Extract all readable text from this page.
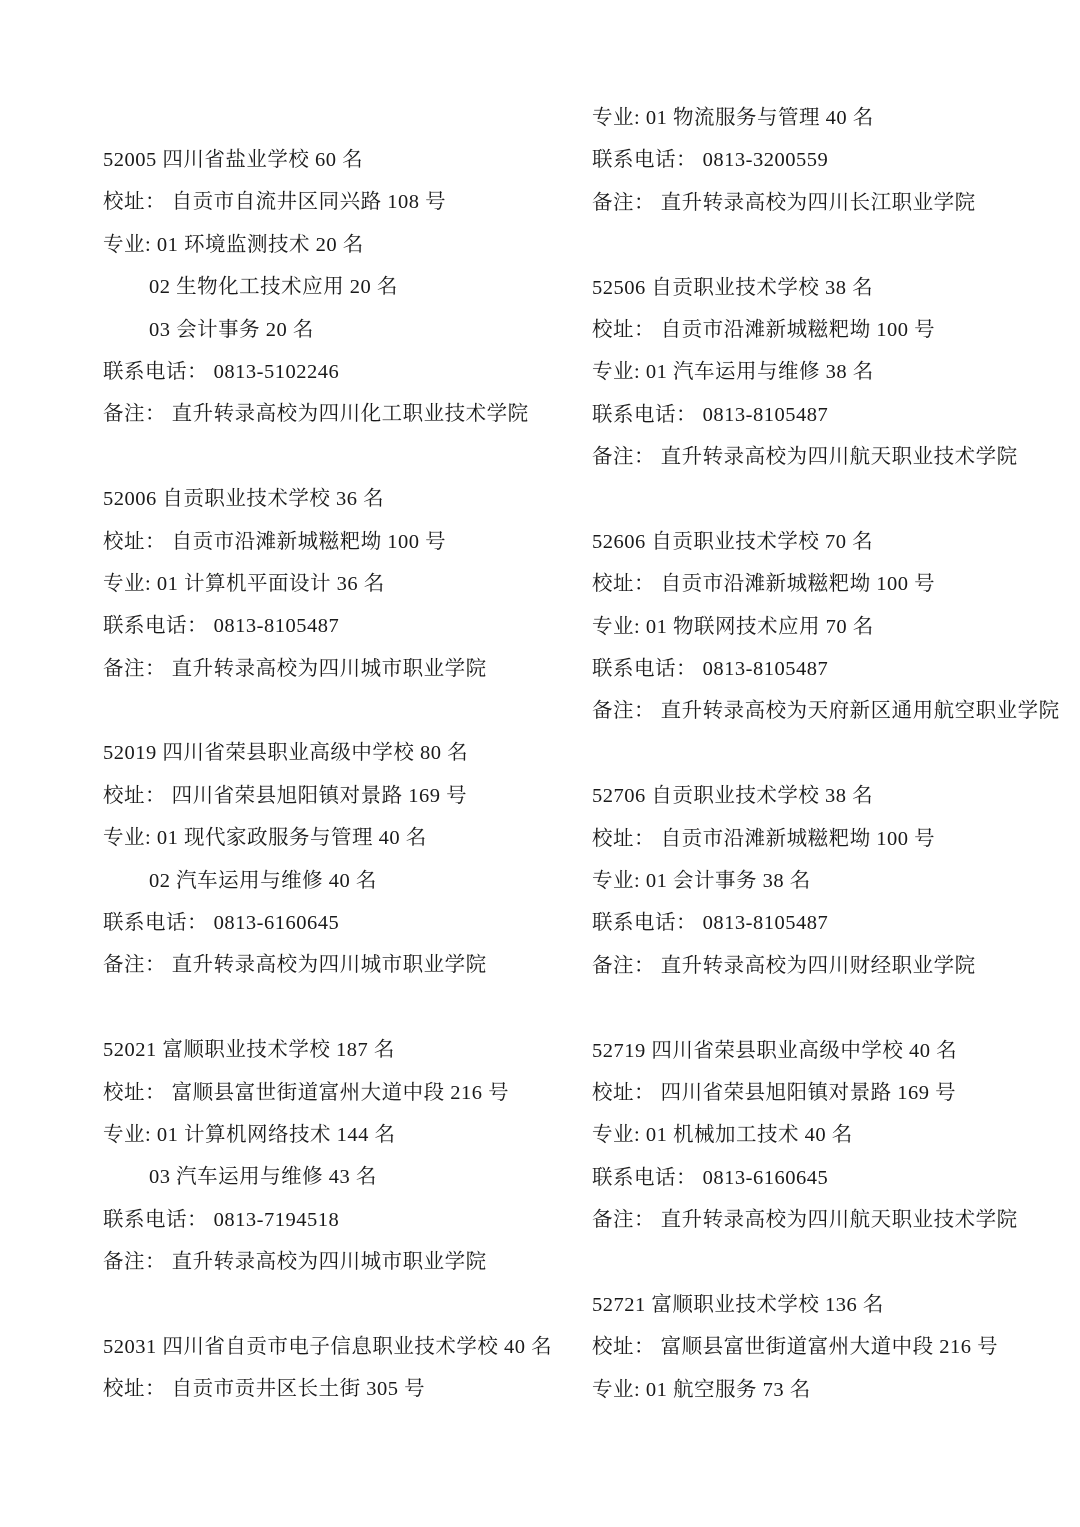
52005 四川省盐业学校 60 名
校址： 自贡市自流井区同兴路 108 号
专业: 01 环境监测技术 20 名
02 生物化工技术应用 20 名
03 会计事务 20 名
联系电话： 0813-5102246
备注： 直升转录高校为四川化工职业技术学院
52006 自贡职业技术学校 36 名
校址： 自贡市沿滩新城糍粑坳 100 号
专业: 01 计算机平面设计 36 名
联系电话： 0813-8105487
备注： 直升转录高校为四川城市职业学院
52019 四川省荣县职业高级中学校 80 名
校址： 四川省荣县旭阳镇对景路 169 号
专业: 01 现代家政服务与管理 40 名
02 汽车运用与维修 40 名
联系电话： 0813-6160645
备注： 直升转录高校为四川城市职业学院
52021 富顺职业技术学校 187 名
校址： 富顺县富世街道富州大道中段 216 号
专业: 01 计算机网络技术 144 名
03 汽车运用与维修 43 名
联系电话： 0813-7194518
备注： 直升转录高校为四川城市职业学院
52031 四川省自贡市电子信息职业技术学校 40 名
校址： 自贡市贡井区长土街 305 号
专业: 01 物流服务与管理 40 名
联系电话： 0813-3200559
备注： 直升转录高校为四川长江职业学院
52506 自贡职业技术学校 38 名
校址： 自贡市沿滩新城糍粑坳 100 号
专业: 01 汽车运用与维修 38 名
联系电话： 0813-8105487
备注： 直升转录高校为四川航天职业技术学院
52606 自贡职业技术学校 70 名
校址： 自贡市沿滩新城糍粑坳 100 号
专业: 01 物联网技术应用 70 名
联系电话： 0813-8105487
备注： 直升转录高校为天府新区通用航空职业学院
52706 自贡职业技术学校 38 名
校址： 自贡市沿滩新城糍粑坳 100 号
专业: 01 会计事务 38 名
联系电话： 0813-8105487
备注： 直升转录高校为四川财经职业学院
52719 四川省荣县职业高级中学校 40 名
校址： 四川省荣县旭阳镇对景路 169 号
专业: 01 机械加工技术 40 名
联系电话： 0813-6160645
备注： 直升转录高校为四川航天职业技术学院
52721 富顺职业技术学校 136 名
校址： 富顺县富世街道富州大道中段 216 号
专业: 01 航空服务 73 名
